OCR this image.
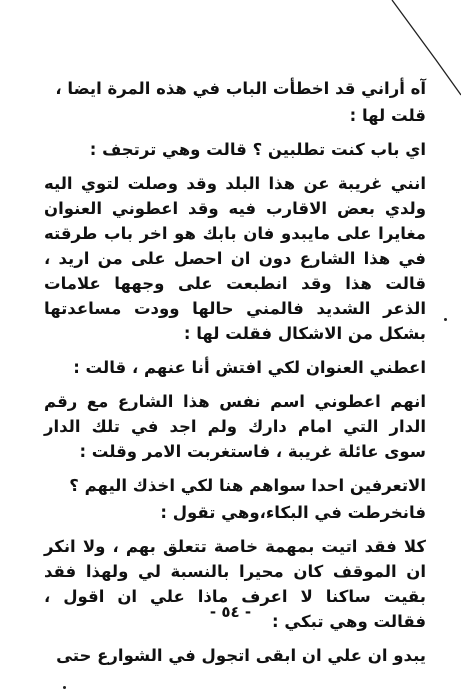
آه أراني قد اخطأت الباب في هذه المرة ايضا ،

قلت لها :

اي باب كنت تطلبين ؟ قالت وهي ترتجف :

انني غريبة عن هذا البلد وقد وصلت لتوي اليه ولدي بعض الاقارب فيه وقد اعطوني العنوان مغايرا على مايبدو فان بابك هو اخر باب طرقته في هذا الشارع دون ان احصل على من اريد ، قالت هذا وقد انطبعت على وجهها علامات الذعر الشديد فالمني حالها وودت مساعدتها بشكل من الاشكال فقلت لها :

اعطني العنوان لكي افتش أنا عنهم ، قالت :

انهم اعطوني اسم نفس هذا الشارع مع رقم الدار التي امام دارك ولم اجد في تلك الدار سوى عائلة غريبة ، فاستغربت الامر وقلت :

الاتعرفين احدا سواهم هنا لكي اخذك اليهم ؟

فانخرطت في البكاء،وهي تقول :

كلا فقد اتيت بمهمة خاصة تتعلق بهم ، ولا انكر ان الموقف كان محيرا بالنسبة لي ولهذا فقد بقيت ساكنا لا اعرف ماذا علي ان اقول ، فقالت وهي تبكي :

يبدو ان علي ان ابقى اتجول في الشوارع حتى

- ٥٤ -
